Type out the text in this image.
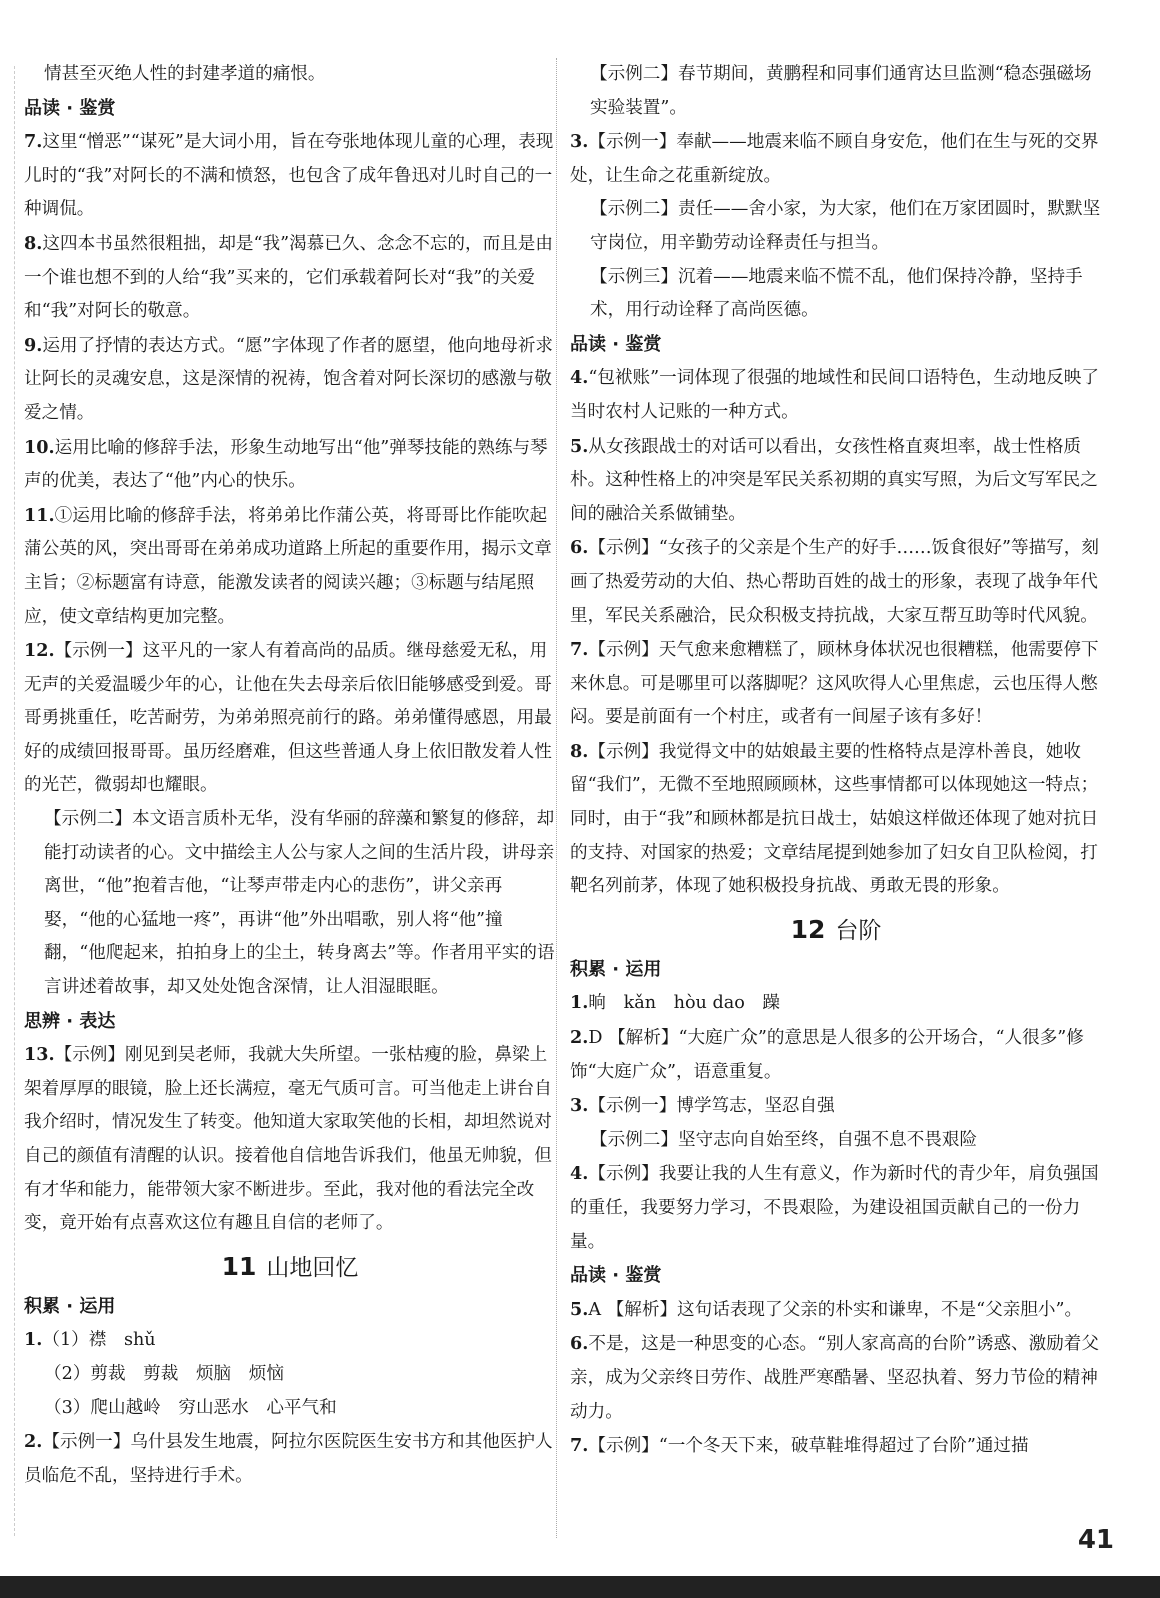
情甚至灭绝人性的封建孝道的痛恨。

品读 · 鉴赏

7.这里“憎恶”“谋死”是大词小用，旨在夸张地体现儿童的心理，表现儿时的“我”对阿长的不满和愤怒，也包含了成年鲁迅对儿时自己的一种调侃。

8.这四本书虽然很粗拙，却是“我”渴慕已久、念念不忘的，而且是由一个谁也想不到的人给“我”买来的，它们承载着阿长对“我”的关爱和“我”对阿长的敬意。

9.运用了抒情的表达方式。“愿”字体现了作者的愿望，他向地母祈求让阿长的灵魂安息，这是深情的祝祷，饱含着对阿长深切的感激与敬爱之情。

10.运用比喻的修辞手法，形象生动地写出“他”弹琴技能的熟练与琴声的优美，表达了“他”内心的快乐。

11.①运用比喻的修辞手法，将弟弟比作蒲公英，将哥哥比作能吹起蒲公英的风，突出哥哥在弟弟成功道路上所起的重要作用，揭示文章主旨；②标题富有诗意，能激发读者的阅读兴趣；③标题与结尾照应，使文章结构更加完整。

12.【示例一】这平凡的一家人有着高尚的品质。继母慈爱无私，用无声的关爱温暖少年的心，让他在失去母亲后依旧能够感受到爱。哥哥勇挑重任，吃苦耐劳，为弟弟照亮前行的路。弟弟懂得感恩，用最好的成绩回报哥哥。虽历经磨难，但这些普通人身上依旧散发着人性的光芒，微弱却也耀眼。

【示例二】本文语言质朴无华，没有华丽的辞藻和繁复的修辞，却能打动读者的心。文中描绘主人公与家人之间的生活片段，讲母亲离世，“他”抱着吉他，“让琴声带走内心的悲伤”，讲父亲再娶，“他的心猛地一疼”，再讲“他”外出唱歌，别人将“他”撞翻，“他爬起来，拍拍身上的尘土，转身离去”等。作者用平实的语言讲述着故事，却又处处饱含深情，让人泪湿眼眶。

思辨 · 表达

13.【示例】刚见到吴老师，我就大失所望。一张枯瘦的脸，鼻梁上架着厚厚的眼镜，脸上还长满痘，毫无气质可言。可当他走上讲台自我介绍时，情况发生了转变。他知道大家取笑他的长相，却坦然说对自己的颜值有清醒的认识。接着他自信地告诉我们，他虽无帅貌，但有才华和能力，能带领大家不断进步。至此，我对他的看法完全改变，竟开始有点喜欢这位有趣且自信的老师了。

11 山地回忆
积累 · 运用

1.（1）襟　shǔ

（2）剪裁　剪裁　烦脑　烦恼

（3）爬山越岭　穷山恶水　心平气和

2.【示例一】乌什县发生地震，阿拉尔医院医生安书方和其他医护人员临危不乱，坚持进行手术。

【示例二】春节期间，黄鹏程和同事们通宵达旦监测“稳态强磁场实验装置”。

3.【示例一】奉献——地震来临不顾自身安危，他们在生与死的交界处，让生命之花重新绽放。

【示例二】责任——舍小家，为大家，他们在万家团圆时，默默坚守岗位，用辛勤劳动诠释责任与担当。

【示例三】沉着——地震来临不慌不乱，他们保持冷静，坚持手术，用行动诠释了高尚医德。

品读 · 鉴赏

4.“包袱账”一词体现了很强的地域性和民间口语特色，生动地反映了当时农村人记账的一种方式。

5.从女孩跟战士的对话可以看出，女孩性格直爽坦率，战士性格质朴。这种性格上的冲突是军民关系初期的真实写照，为后文写军民之间的融洽关系做铺垫。

6.【示例】“女孩子的父亲是个生产的好手……饭食很好”等描写，刻画了热爱劳动的大伯、热心帮助百姓的战士的形象，表现了战争年代里，军民关系融洽，民众积极支持抗战，大家互帮互助等时代风貌。

7.【示例】天气愈来愈糟糕了，顾林身体状况也很糟糕，他需要停下来休息。可是哪里可以落脚呢？这风吹得人心里焦虑，云也压得人憋闷。要是前面有一个村庄，或者有一间屋子该有多好！

8.【示例】我觉得文中的姑娘最主要的性格特点是淳朴善良，她收留“我们”，无微不至地照顾顾林，这些事情都可以体现她这一特点；同时，由于“我”和顾林都是抗日战士，姑娘这样做还体现了她对抗日的支持、对国家的热爱；文章结尾提到她参加了妇女自卫队检阅，打靶名列前茅，体现了她积极投身抗战、勇敢无畏的形象。

12 台阶
积累 · 运用

1.晌　kǎn　hòu dao　躁

2.D 【解析】“大庭广众”的意思是人很多的公开场合，“人很多”修饰“大庭广众”，语意重复。

3.【示例一】博学笃志，坚忍自强

【示例二】坚守志向自始至终，自强不息不畏艰险

4.【示例】我要让我的人生有意义，作为新时代的青少年，肩负强国的重任，我要努力学习，不畏艰险，为建设祖国贡献自己的一份力量。

品读 · 鉴赏

5.A 【解析】这句话表现了父亲的朴实和谦卑，不是“父亲胆小”。

6.不是，这是一种思变的心态。“别人家高高的台阶”诱惑、激励着父亲，成为父亲终日劳作、战胜严寒酷暑、坚忍执着、努力节俭的精神动力。

7.【示例】“一个冬天下来，破草鞋堆得超过了台阶”通过描

41
